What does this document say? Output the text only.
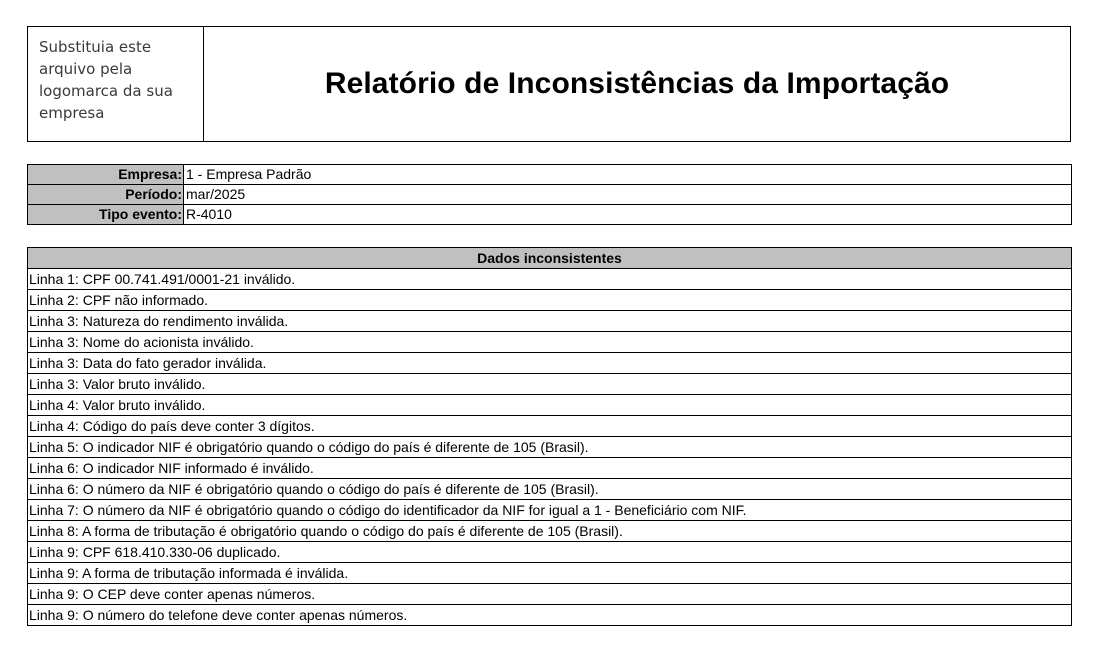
Substituia este
arquivo pela
logomarca da sua
empresa
Relatório de Inconsistências da Importação
Empresa:	1 - Empresa Padrão
Período:	mar/2025
Tipo evento:	R-4010
Dados inconsistentes
Linha 1: CPF 00.741.491/0001-21 inválido.
Linha 2: CPF não informado.
Linha 3: Natureza do rendimento inválida.
Linha 3: Nome do acionista inválido.
Linha 3: Data do fato gerador inválida.
Linha 3: Valor bruto inválido.
Linha 4: Valor bruto inválido.
Linha 4: Código do país deve conter 3 dígitos.
Linha 5: O indicador NIF é obrigatório quando o código do país é diferente de 105 (Brasil).
Linha 6: O indicador NIF informado é inválido.
Linha 6: O número da NIF é obrigatório quando o código do país é diferente de 105 (Brasil).
Linha 7: O número da NIF é obrigatório quando o código do identificador da NIF for igual a 1 - Beneficiário com NIF.
Linha 8: A forma de tributação é obrigatório quando o código do país é diferente de 105 (Brasil).
Linha 9: CPF 618.410.330-06 duplicado.
Linha 9: A forma de tributação informada é inválida.
Linha 9: O CEP deve conter apenas números.
Linha 9: O número do telefone deve conter apenas números.
